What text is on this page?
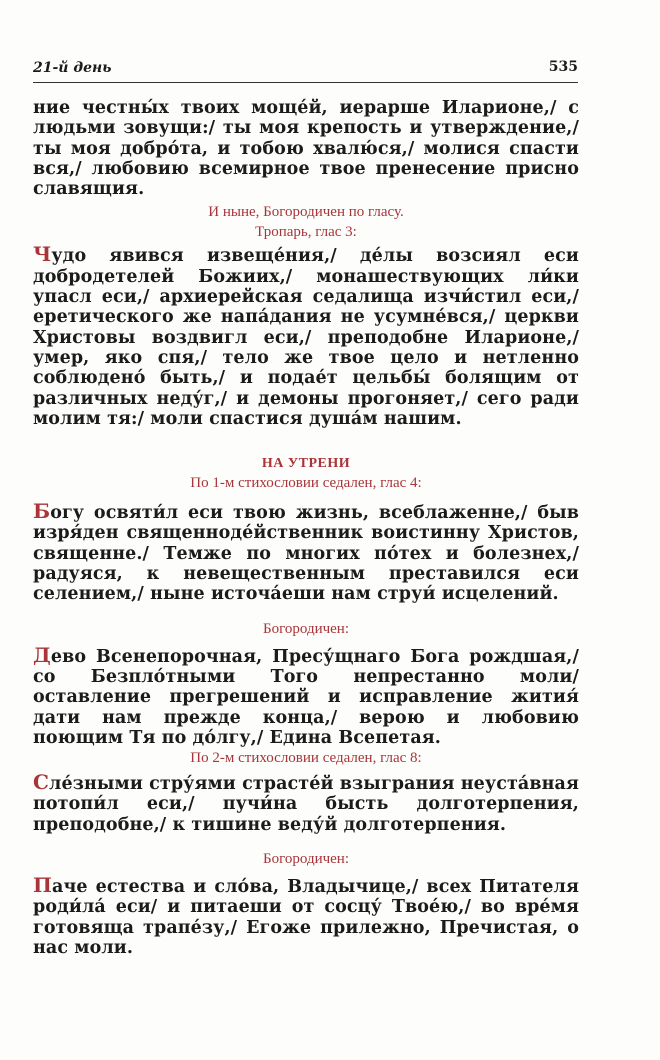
21-й день	535

ние честны́х твоих моще́й, иерарше Иларионе,/ с людьми зовущи:/ ты моя крепость и утверждение,/ ты моя добро́та, и тобою хвалю́ся,/ молися спасти вся,/ любовию всемирное твое пренесение присно славящия.

И ныне, Богородичен по гласу.

Тропарь, глас 3:

Чудо явився извеще́ния,/ де́лы возсиял еси добродетелей Божиих,/ монашествующих ли́ки упасл еси,/ архиерейская седалища изчи́стил еси,/ еретического же напа́дания не усумне́вся,/ церкви Христовы воздвигл еси,/ преподобне Иларионе,/ умер, яко спя,/ тело же твое цело и нетленно соблюдено́ быть,/ и подае́т цельбы́ болящим от различных неду́г,/ и демоны прогоняет,/ сего ради молим тя:/ моли спастися душа́м нашим.

НА УТРЕНИ

По 1-м стихословии седален, глас 4:

Богу освяти́л еси твою жизнь, всеблаженне,/ быв изря́ден священноде́йственник воистинну Христов, священне./ Темже по многих по́тех и болезнех,/ радуяся, к невещественным преставился еси селением,/ ныне источа́еши нам струи́ исцелений.

Богородичен:

Дево Всенепорочная, Пресу́щнаго Бога рождшая,/ со Безпло́тными Того непрестанно моли/ оставление прегрешений и исправление жития́ дати нам прежде конца,/ верою и любовию поющим Тя по до́лгу,/ Едина Всепетая.

По 2-м стихословии седален, глас 8:

Сле́зными стру́ями страсте́й взыграния неуста́вная потопи́л еси,/ пучи́на бысть долготерпения, преподобне,/ к тишине веду́й долготерпения.

Богородичен:

Паче естества и сло́ва, Владычице,/ всех Питателя роди́ла́ еси/ и питаеши от сосцу́ Твое́ю,/ во вре́мя готовяща трапе́зу,/ Егоже прилежно, Пречистая, о нас моли.
